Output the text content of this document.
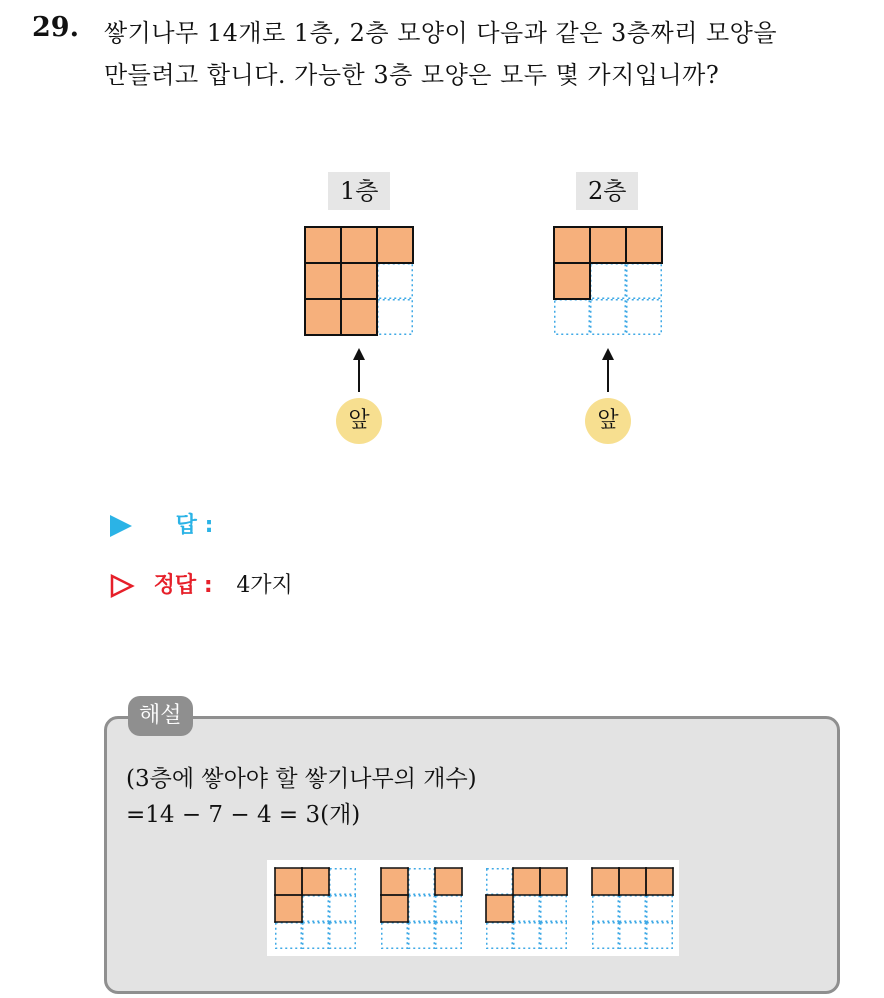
29. 쌓기나무 14개로 1층, 2층 모양이 다음과 같은 3층짜리 모양을
만들려고 합니다. 가능한 3층 모양은 모두 몇 가지입니까?
1층
앞
2층
앞
답 :
정답 : 4가지
해설
(3층에 쌓아야 할 쌓기나무의 개수)
=14 − 7 − 4 = 3(개)
